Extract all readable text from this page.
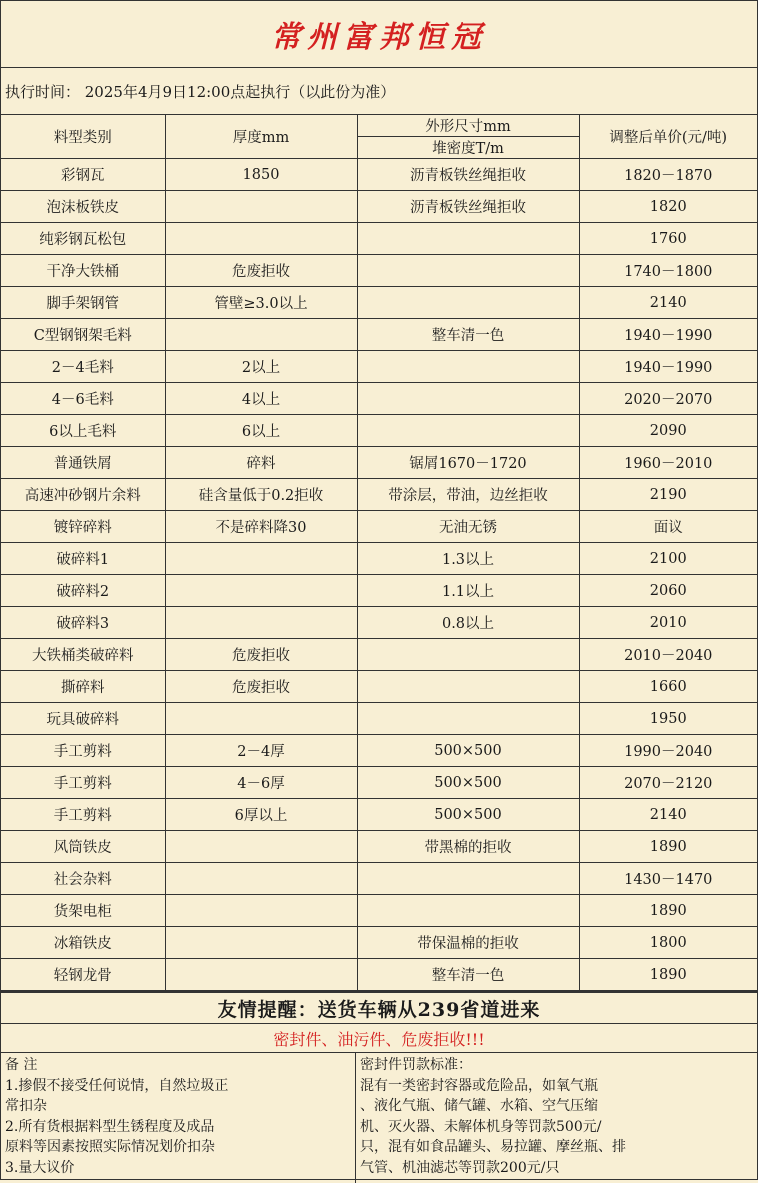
常州富邦恒冠
执行时间： 2025年4月9日12:00点起执行（以此份为准）
料型类别	厚度mm	外形尺寸mm	调整后单价(元/吨)
		堆密度T/m	
彩钢瓦	1850	沥青板铁丝绳拒收	1820－1870
泡沫板铁皮		沥青板铁丝绳拒收	1820
纯彩钢瓦松包			1760
干净大铁桶	危废拒收		1740－1800
脚手架钢管	管壁≥3.0以上		2140
C型钢钢架毛料		整车清一色	1940－1990
2－4毛料	2以上		1940－1990
4－6毛料	4以上		2020－2070
6以上毛料	6以上		2090
普通铁屑	碎料	锯屑1670－1720	1960－2010
高速冲砂钢片余料	硅含量低于0.2拒收	带涂层，带油，边丝拒收	2190
镀锌碎料	不是碎料降30	无油无锈	面议
破碎料1		1.3以上	2100
破碎料2		1.1以上	2060
破碎料3		0.8以上	2010
大铁桶类破碎料	危废拒收		2010－2040
撕碎料	危废拒收		1660
玩具破碎料			1950
手工剪料	2－4厚	500×500	1990－2040
手工剪料	4－6厚	500×500	2070－2120
手工剪料	6厚以上	500×500	2140
风筒铁皮		带黑棉的拒收	1890
社会杂料			1430－1470
货架电柜			1890
冰箱铁皮		带保温棉的拒收	1800
轻钢龙骨		整车清一色	1890
友情提醒：送货车辆从239省道进来
密封件、油污件、危废拒收!!!
备 注
1.掺假不接受任何说情，自然垃圾正
常扣杂
2.所有货根据料型生锈程度及成品
原料等因素按照实际情况划价扣杂
3.量大议价
密封件罚款标准：
混有一类密封容器或危险品，如氧气瓶
、液化气瓶、储气罐、水箱、空气压缩
机、灭火器、未解体机身等罚款500元/
只，混有如食品罐头、易拉罐、摩丝瓶、排
气管、机油滤芯等罚款200元/只
